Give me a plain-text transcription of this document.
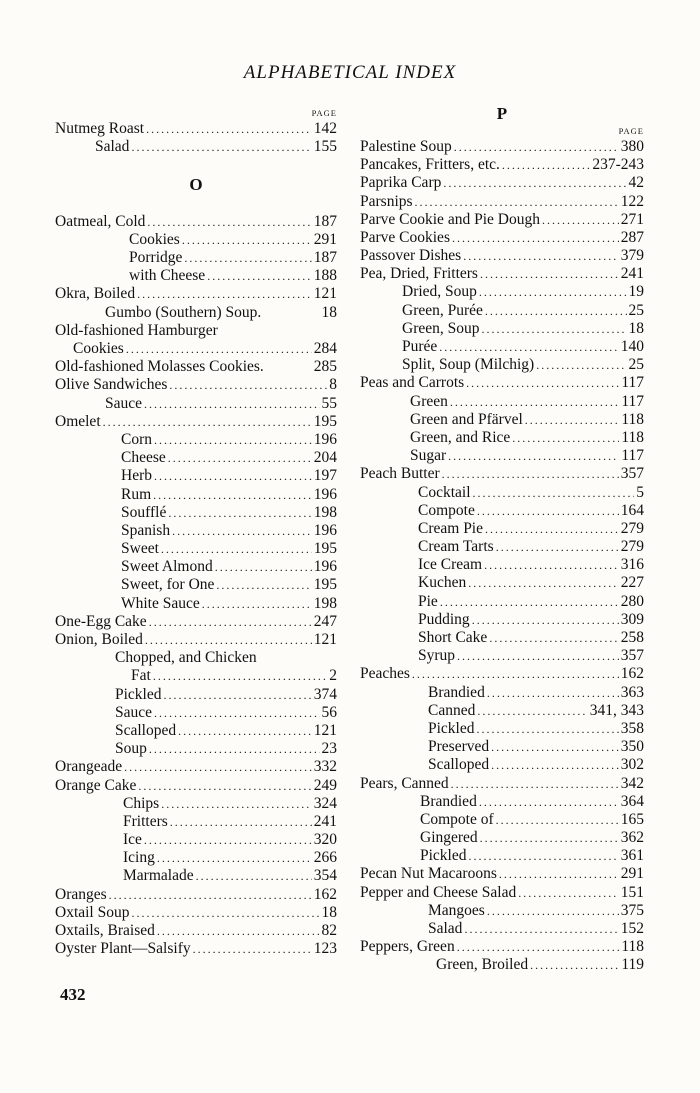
ALPHABETICAL INDEX
PAGE
Nutmeg Roast .....	142
Salad .....	155
O
Oatmeal, Cold .....	187
Cookies .....	291
Porridge .....	187
with Cheese .....	188
Okra, Boiled .....	121
Gumbo (Southern) Soup.	18
Old-fashioned Hamburger
Cookies .....	284
Old-fashioned Molasses Cookies.	285
Olive Sandwiches .....	8
Sauce .....	55
Omelet .....	195
Corn .....	196
Cheese .....	204
Herb .....	197
Rum .....	196
Soufflé .....	198
Spanish .....	196
Sweet .....	195
Sweet Almond .....	196
Sweet, for One .....	195
White Sauce .....	198
One-Egg Cake .....	247
Onion, Boiled .....	121
Chopped, and Chicken
Fat .....	2
Pickled .....	374
Sauce .....	56
Scalloped .....	121
Soup .....	23
Orangeade .....	332
Orange Cake .....	249
Chips .....	324
Fritters .....	241
Ice .....	320
Icing .....	266
Marmalade .....	354
Oranges .....	162
Oxtail Soup .....	18
Oxtails, Braised .....	82
Oyster Plant—Salsify .....	123
P
PAGE
Palestine Soup .....	380
Pancakes, Fritters, etc. .....	237-243
Paprika Carp .....	42
Parsnips .....	122
Parve Cookie and Pie Dough .....	271
Parve Cookies .....	287
Passover Dishes .....	379
Pea, Dried, Fritters .....	241
Dried, Soup .....	19
Green, Purée .....	25
Green, Soup .....	18
Purée .....	140
Split, Soup (Milchig) .....	25
Peas and Carrots .....	117
Green .....	117
Green and Pfärvel .....	118
Green, and Rice .....	118
Sugar .....	117
Peach Butter .....	357
Cocktail .....	5
Compote .....	164
Cream Pie .....	279
Cream Tarts .....	279
Ice Cream .....	316
Kuchen .....	227
Pie .....	280
Pudding .....	309
Short Cake .....	258
Syrup .....	357
Peaches .....	162
Brandied .....	363
Canned .....	341, 343
Pickled .....	358
Preserved .....	350
Scalloped .....	302
Pears, Canned .....	342
Brandied .....	364
Compote of .....	165
Gingered .....	362
Pickled .....	361
Pecan Nut Macaroons .....	291
Pepper and Cheese Salad .....	151
Mangoes .....	375
Salad .....	152
Peppers, Green .....	118
Green, Broiled .....	119
432
